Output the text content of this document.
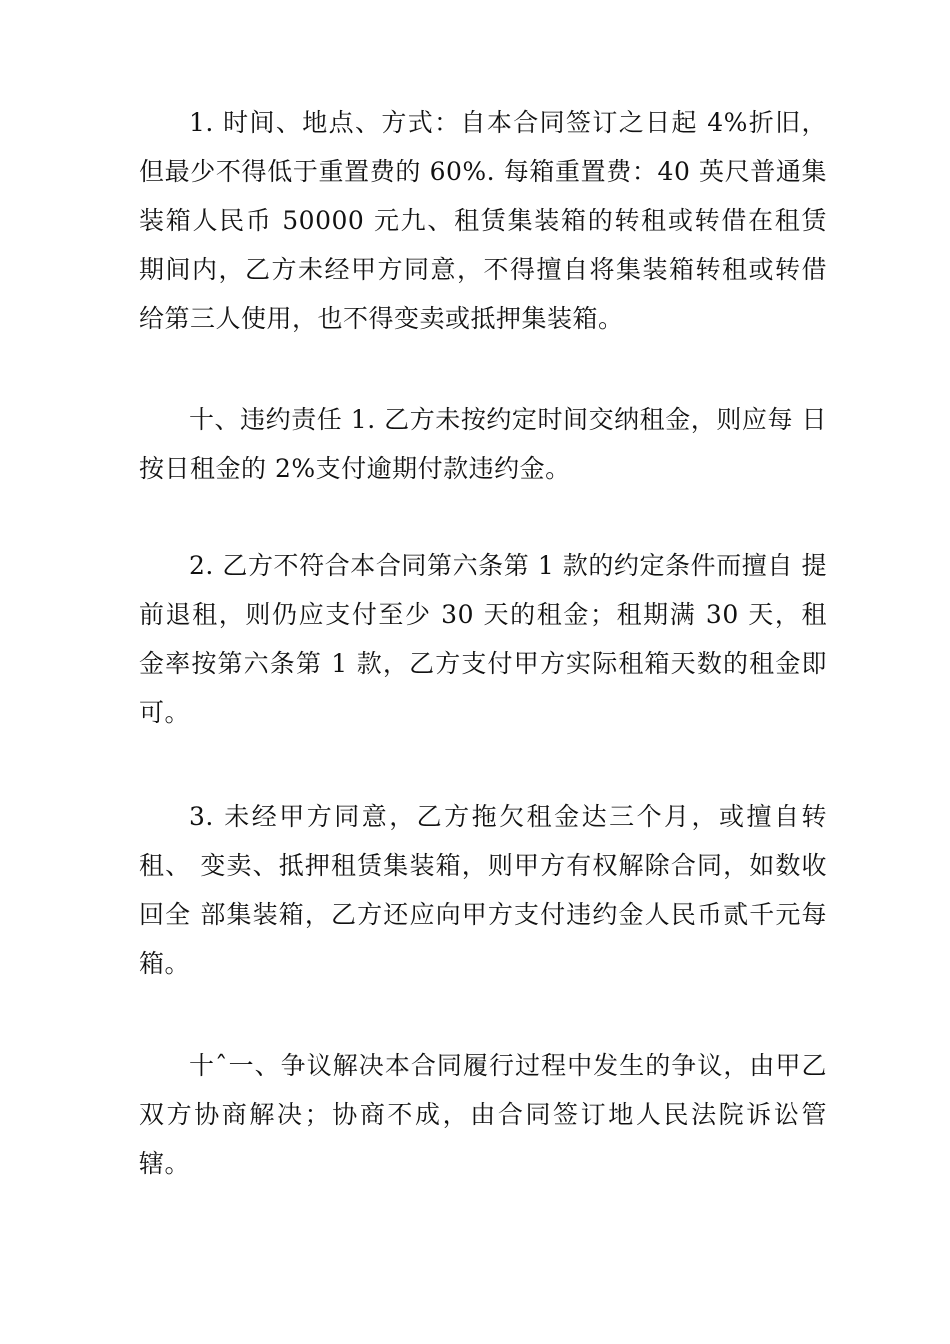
1. 时间、地点、方式：自本合同签订之日起 4%折旧，但最少不得低于重置费的 60%. 每箱重置费：40 英尺普通集 装箱人民币 50000 元九、租赁集装箱的转租或转借在租赁 期间内，乙方未经甲方同意，不得擅自将集装箱转租或转借 给第三人使用，也不得变卖或抵押集装箱。

十、违约责任 1. 乙方未按约定时间交纳租金，则应每 日按日租金的 2%支付逾期付款违约金。

2. 乙方不符合本合同第六条第 1 款的约定条件而擅自 提前退租，则仍应支付至少 30 天的租金；租期满 30 天，租 金率按第六条第 1 款，乙方支付甲方实际租箱天数的租金即可。

3. 未经甲方同意，乙方拖欠租金达三个月，或擅自转租、 变卖、抵押租赁集装箱，则甲方有权解除合同，如数收回全 部集装箱，乙方还应向甲方支付违约金人民币贰千元每箱。

十ˆ一、争议解决本合同履行过程中发生的争议，由甲乙双方协商解决；协商不成，由合同签订地人民法院诉讼管辖。
